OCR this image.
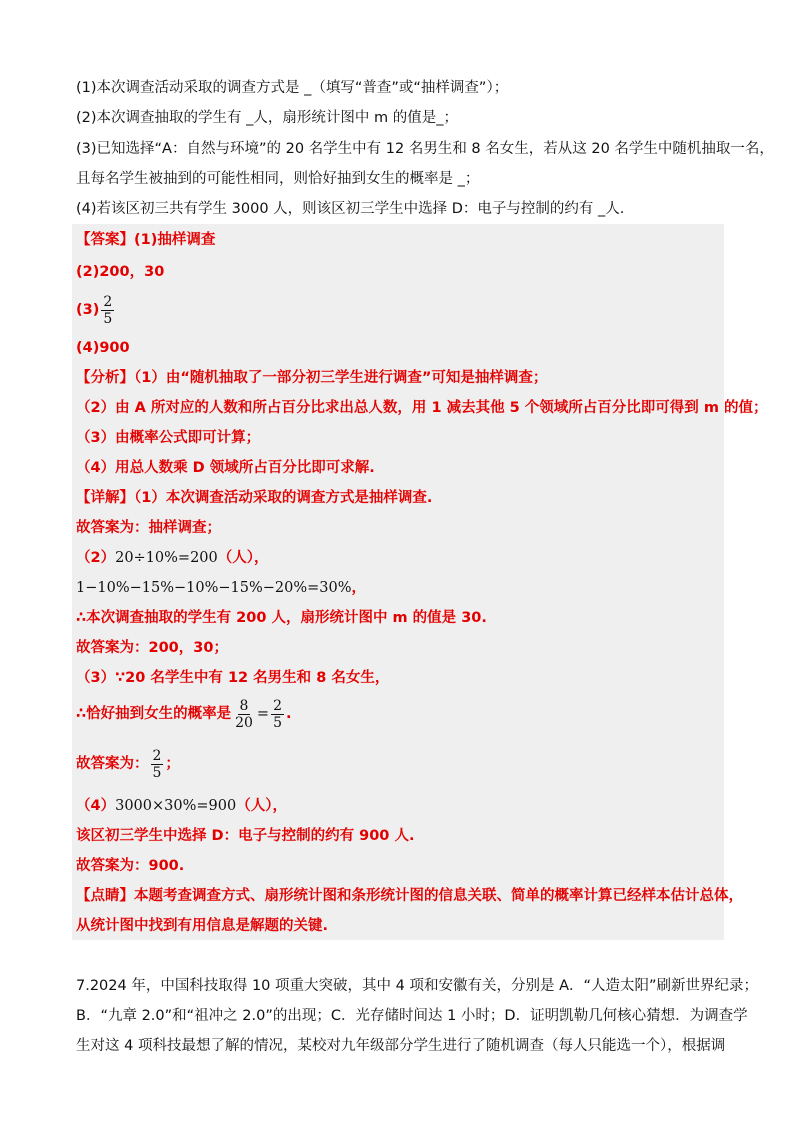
(1)本次调查活动采取的调查方式是 _（填写“普查”或“抽样调查”）；
(2)本次调查抽取的学生有 _人，扇形统计图中 m 的值是_；
(3)已知选择“A：自然与环境”的 20 名学生中有 12 名男生和 8 名女生，若从这 20 名学生中随机抽取一名，
且每名学生被抽到的可能性相同，则恰好抽到女生的概率是 _；
(4)若该区初三共有学生 3000 人，则该区初三学生中选择 D：电子与控制的约有 _人.
【答案】(1)抽样调查
(2)200，30
$(3) \frac{2}{5}$
(4)900
【分析】（1）由“随机抽取了一部分初三学生进行调查”可知是抽样调查；
（2）由 A 所对应的人数和所占百分比求出总人数，用 1 减去其他 5 个领域所占百分比即可得到 m 的值；
（3）由概率公式即可计算；
（4）用总人数乘 D 领域所占百分比即可求解.
【详解】（1）本次调查活动采取的调查方式是抽样调查.
故答案为：抽样调查；
（2）20÷10%=200（人），
1−10%−15%−10%−15%−20%=30%，
∴本次调查抽取的学生有 200 人，扇形统计图中 m 的值是 30.
故答案为：200，30；
（3）∵20 名学生中有 12 名男生和 8 名女生，
∴恰好抽到女生的概率是 $\frac{8}{20} = \frac{2}{5}$ .
故答案为： $\frac{2}{5}$ ；
（4）3000×30%=900（人），
该区初三学生中选择 D：电子与控制的约有 900 人.
故答案为：900.
【点睛】本题考查调查方式、扇形统计图和条形统计图的信息关联、简单的概率计算已经样本估计总体，
从统计图中找到有用信息是解题的关键.
7.2024 年，中国科技取得 10 项重大突破，其中 4 项和安徽有关，分别是 A．“人造太阳”刷新世界纪录；
B．“九章 2.0”和“祖冲之 2.0”的出现；C．光存储时间达 1 小时；D．证明凯勒几何核心猜想．为调查学
生对这 4 项科技最想了解的情况，某校对九年级部分学生进行了随机调查（每人只能选一个），根据调
